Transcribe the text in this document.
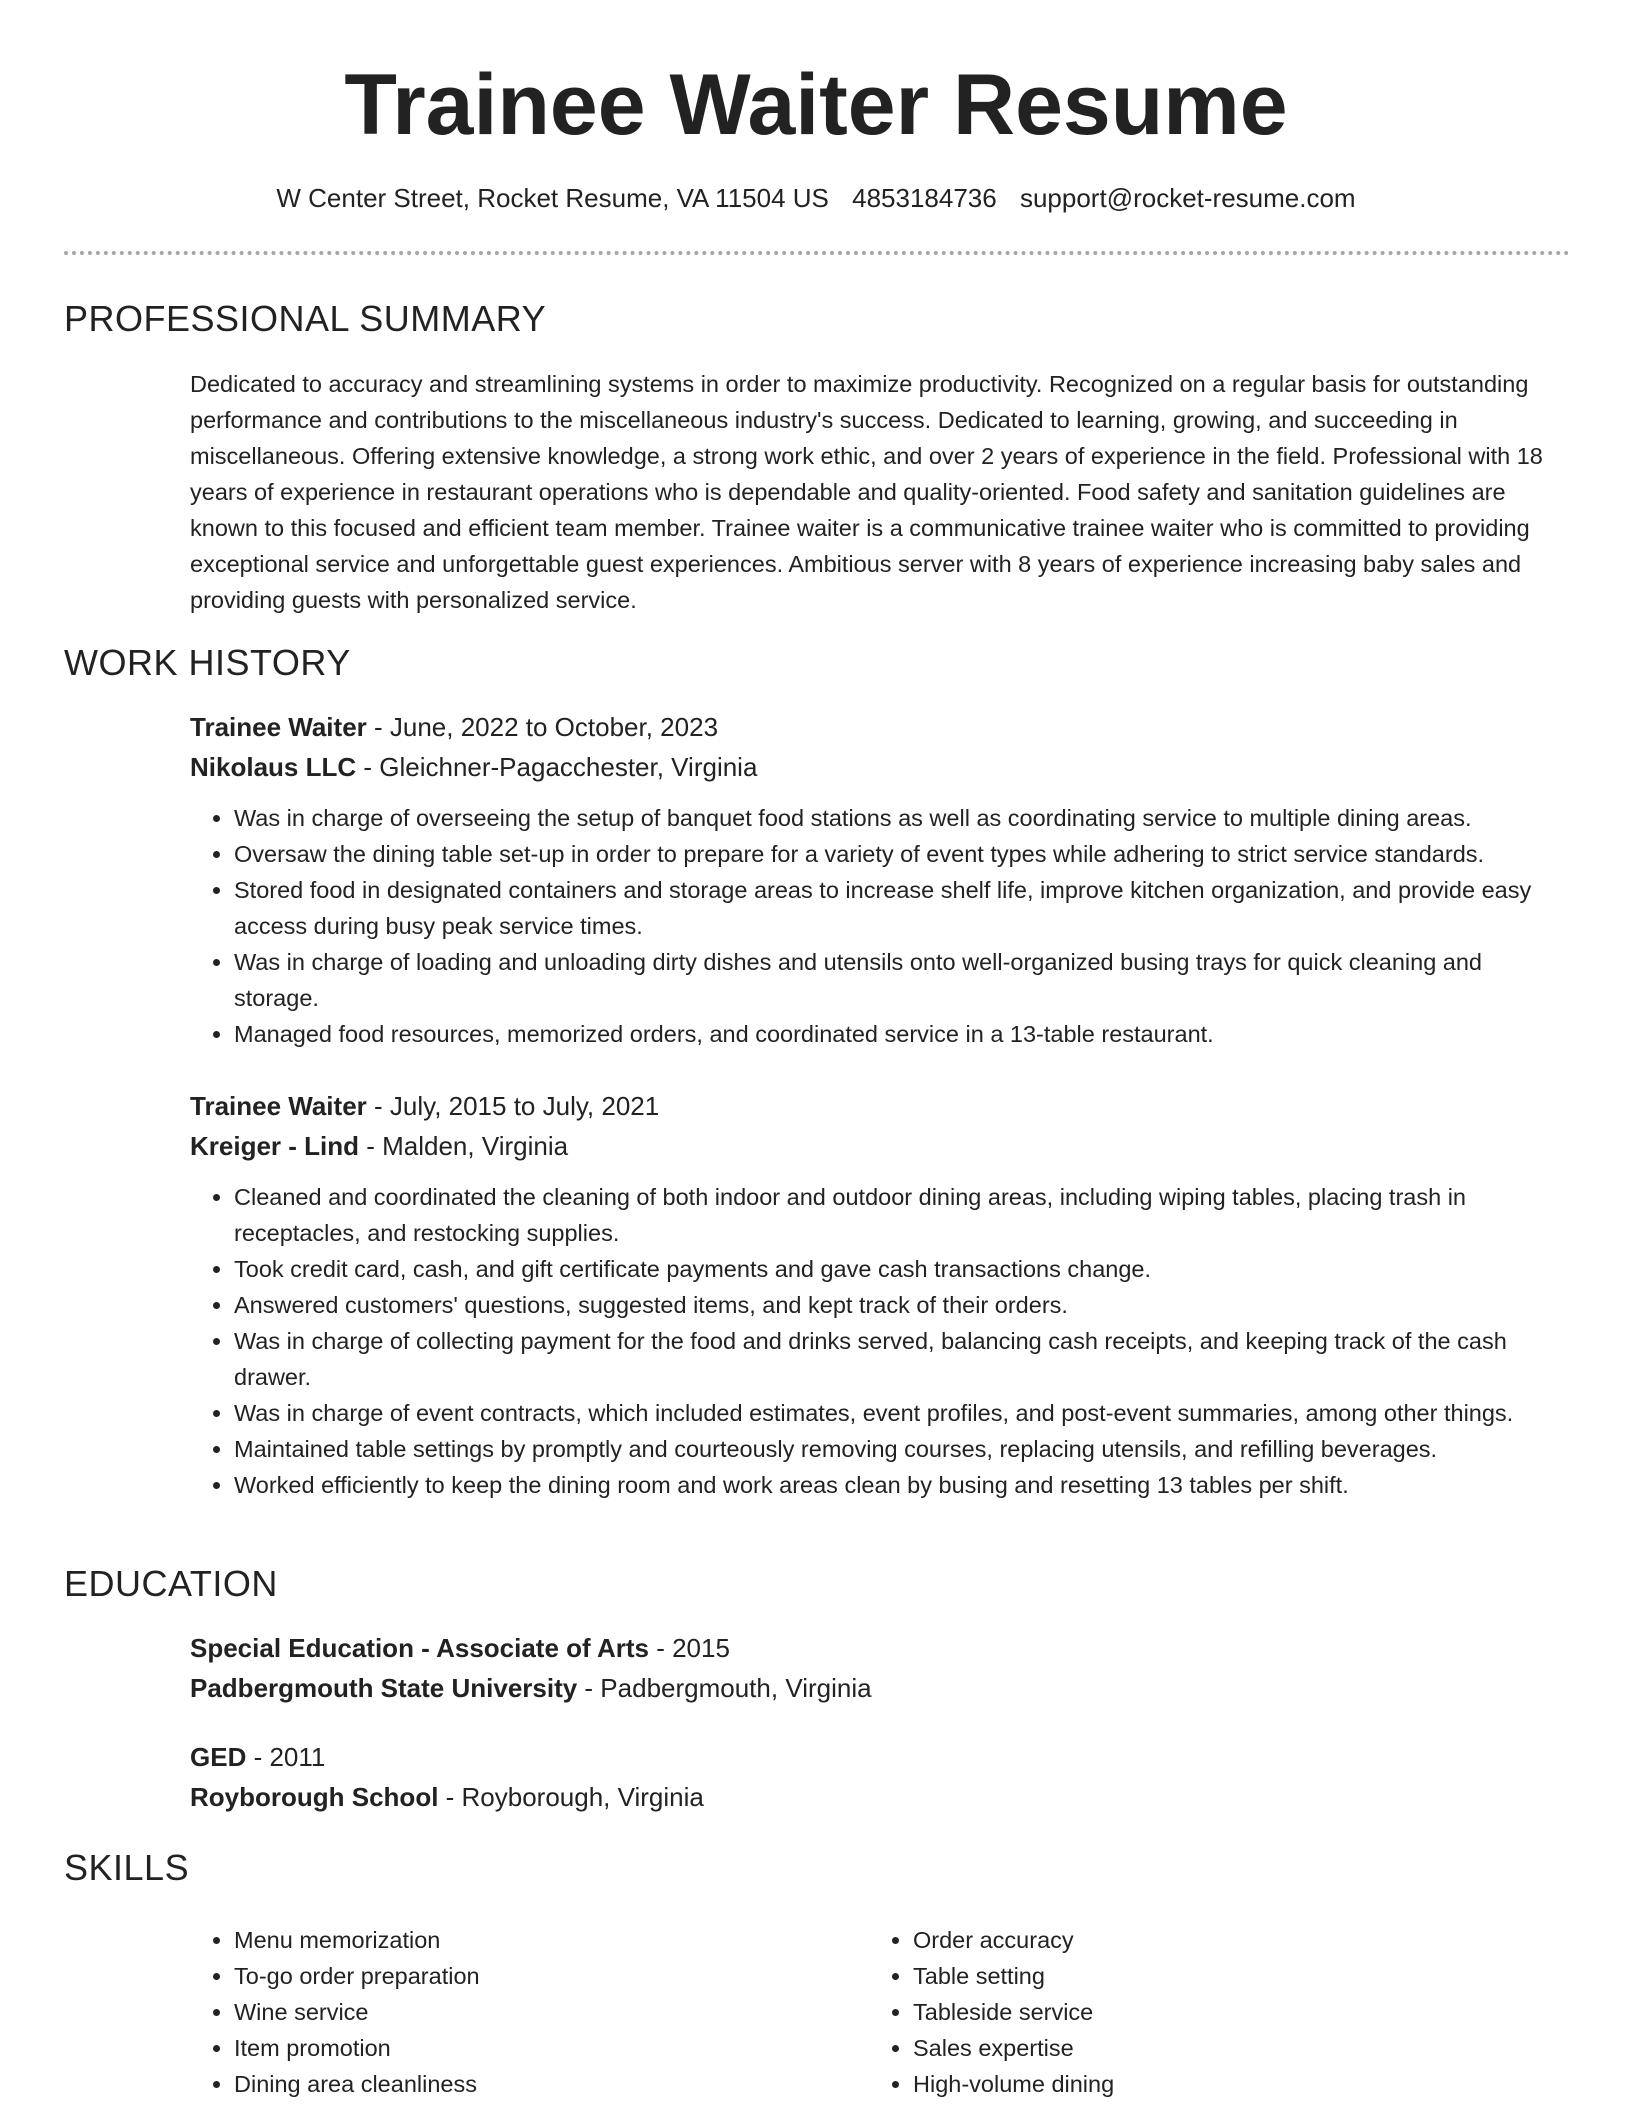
Trainee Waiter Resume
W Center Street, Rocket Resume, VA 11504 US 4853184736 support@rocket-resume.com
PROFESSIONAL SUMMARY

Dedicated to accuracy and streamlining systems in order to maximize productivity. Recognized on a regular basis for outstanding performance and contributions to the miscellaneous industry's success. Dedicated to learning, growing, and succeeding in miscellaneous. Offering extensive knowledge, a strong work ethic, and over 2 years of experience in the field. Professional with 18 years of experience in restaurant operations who is dependable and quality-oriented. Food safety and sanitation guidelines are known to this focused and efficient team member. Trainee waiter is a communicative trainee waiter who is committed to providing exceptional service and unforgettable guest experiences. Ambitious server with 8 years of experience increasing baby sales and providing guests with personalized service.

WORK HISTORY
Trainee Waiter - June, 2022 to October, 2023
Nikolaus LLC - Gleichner-Pagacchester, Virginia
• Was in charge of overseeing the setup of banquet food stations as well as coordinating service to multiple dining areas.
• Oversaw the dining table set-up in order to prepare for a variety of event types while adhering to strict service standards.
• Stored food in designated containers and storage areas to increase shelf life, improve kitchen organization, and provide easy access during busy peak service times.
• Was in charge of loading and unloading dirty dishes and utensils onto well-organized busing trays for quick cleaning and storage.
• Managed food resources, memorized orders, and coordinated service in a 13-table restaurant.
Trainee Waiter - July, 2015 to July, 2021
Kreiger - Lind - Malden, Virginia
• Cleaned and coordinated the cleaning of both indoor and outdoor dining areas, including wiping tables, placing trash in receptacles, and restocking supplies.
• Took credit card, cash, and gift certificate payments and gave cash transactions change.
• Answered customers' questions, suggested items, and kept track of their orders.
• Was in charge of collecting payment for the food and drinks served, balancing cash receipts, and keeping track of the cash drawer.
• Was in charge of event contracts, which included estimates, event profiles, and post-event summaries, among other things.
• Maintained table settings by promptly and courteously removing courses, replacing utensils, and refilling beverages.
• Worked efficiently to keep the dining room and work areas clean by busing and resetting 13 tables per shift.
EDUCATION
Special Education - Associate of Arts - 2015
Padbergmouth State University - Padbergmouth, Virginia
GED - 2011
Royborough School - Royborough, Virginia
SKILLS
• Menu memorization
• To-go order preparation
• Wine service
• Item promotion
• Dining area cleanliness
• Order accuracy
• Table setting
• Tableside service
• Sales expertise
• High-volume dining
